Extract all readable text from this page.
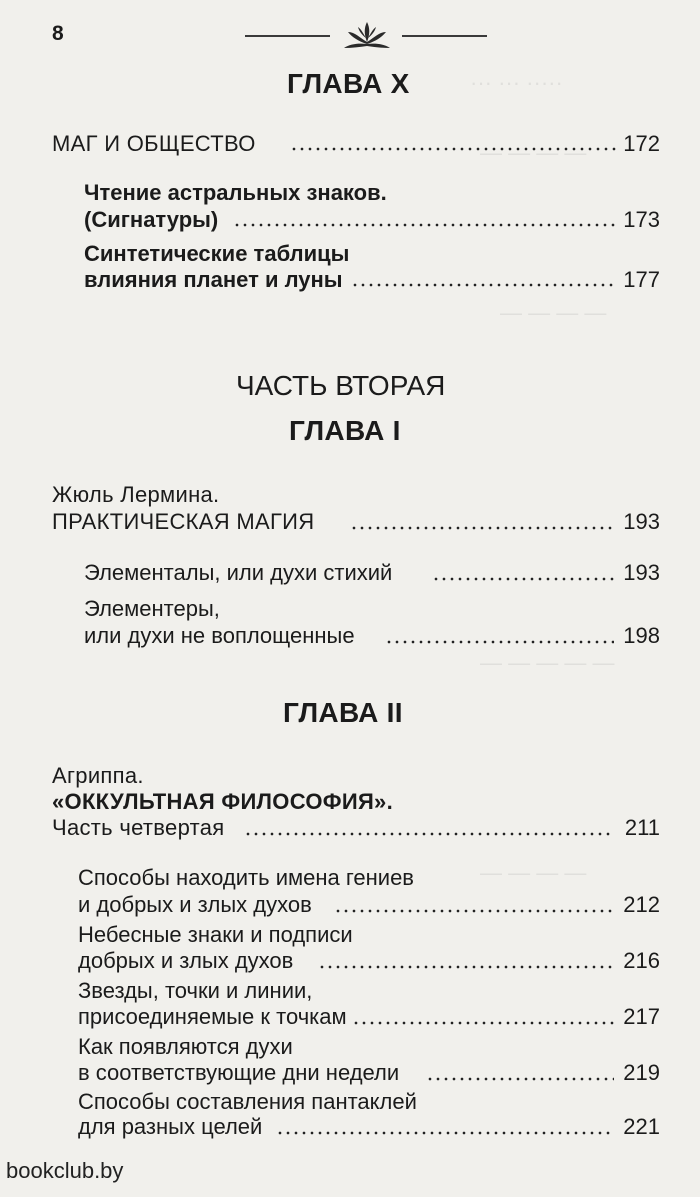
··· ··· ·····
— — — —
— — — —
— — — — —
— — — —
8
ГЛАВА X
МАГ И ОБЩЕСТВО	172
Чтение астральных знаков.
(Сигнатуры)	173
Синтетические таблицы
влияния планет и луны	177
ЧАСТЬ ВТОРАЯ
ГЛАВА I
Жюль Лермина.
ПРАКТИЧЕСКАЯ МАГИЯ	193
Элементалы, или духи стихий	193
Элементеры,
или духи не воплощенные	198
ГЛАВА II
Агриппа.
«ОККУЛЬТНАЯ ФИЛОСОФИЯ».
Часть четвертая	211
Способы находить имена гениев
и добрых и злых духов	212
Небесные знаки и подписи
добрых и злых духов	216
Звезды, точки и линии,
присоединяемые к точкам	217
Как появляются духи
в соответствующие дни недели	219
Способы составления пантаклей
для разных целей	221
bookclub.by
